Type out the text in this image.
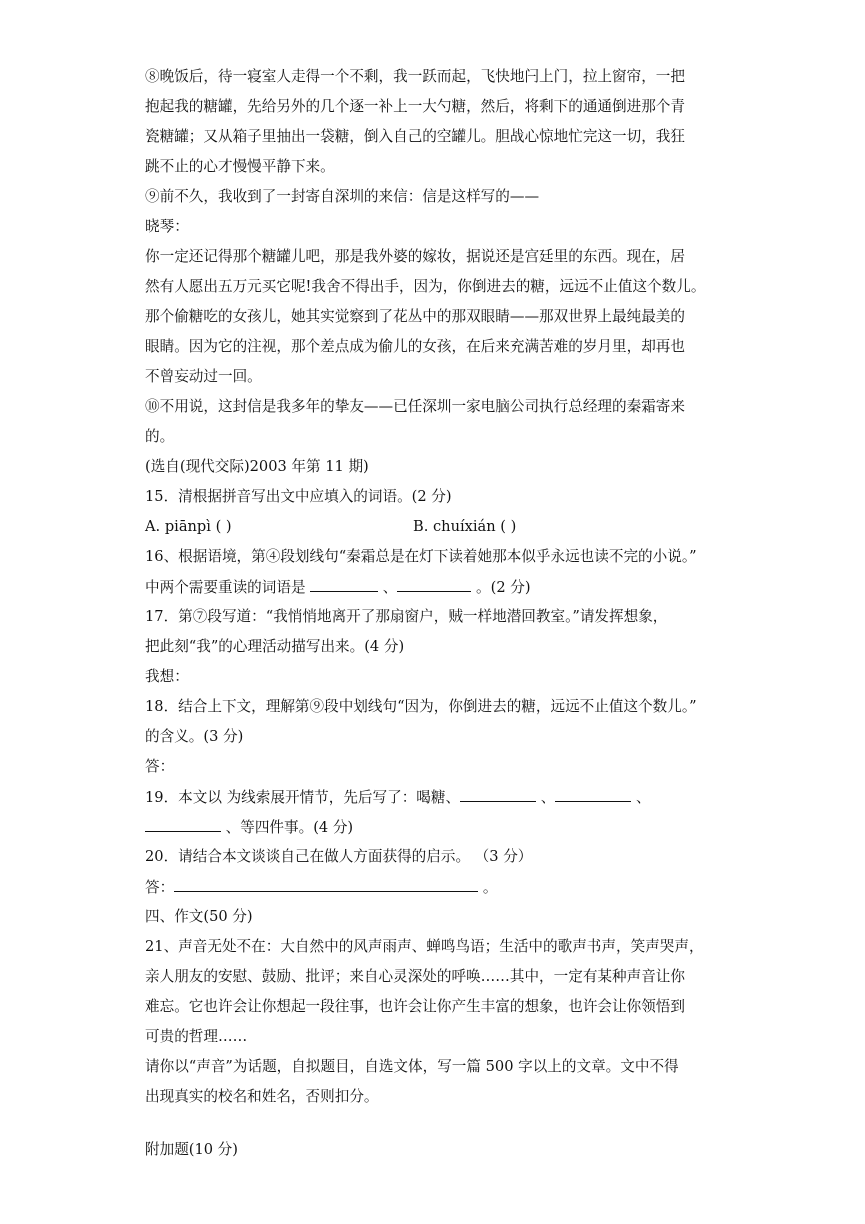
⑧晚饭后，待一寝室人走得一个不剩，我一跃而起，飞快地闩上门，拉上窗帘，一把
抱起我的糖罐，先给另外的几个逐一补上一大勺糖，然后，将剩下的通通倒进那个青
瓷糖罐；又从箱子里抽出一袋糖，倒入自己的空罐儿。胆战心惊地忙完这一切，我狂
跳不止的心才慢慢平静下来。
⑨前不久，我收到了一封寄自深圳的来信：信是这样写的——
晓琴：
你一定还记得那个糖罐儿吧，那是我外婆的嫁妆，据说还是宫廷里的东西。现在，居
然有人愿出五万元买它呢!我舍不得出手，因为，你倒进去的糖，远远不止值这个数儿。
那个偷糖吃的女孩儿，她其实觉察到了花丛中的那双眼睛——那双世界上最纯最美的
眼睛。因为它的注视，那个差点成为偷儿的女孩，在后来充满苦难的岁月里，却再也
不曾妄动过一回。
⑩不用说，这封信是我多年的挚友——已任深圳一家电脑公司执行总经理的秦霜寄来
的。
(选自(现代交际)2003 年第 11 期)
15．清根据拼音写出文中应填入的词语。(2 分)
A. piānpì ( )	B. chuíxián ( )
16、根据语境，第④段划线句“秦霜总是在灯下读着她那本似乎永远也读不完的小说。”
中两个需要重读的词语是	、	。(2 分)
17．第⑦段写道：“我悄悄地离开了那扇窗户，贼一样地潜回教室。”请发挥想象，
把此刻“我”的心理活动描写出来。(4 分)
我想：
18．结合上下文，理解第⑨段中划线句“因为，你倒进去的糖，远远不止值这个数儿。”
的含义。(3 分)
答：
19．本文以 为线索展开情节，先后写了：喝糖、	、	、
、等四件事。(4 分)
20．请结合本文谈谈自己在做人方面获得的启示。 （3 分）
答：	。
四、作文(50 分)
21、声音无处不在：大自然中的风声雨声、蝉鸣鸟语；生活中的歌声书声，笑声哭声，
亲人朋友的安慰、鼓励、批评；来自心灵深处的呼唤……其中，一定有某种声音让你
难忘。它也许会让你想起一段往事，也许会让你产生丰富的想象，也许会让你领悟到
可贵的哲理……
请你以“声音”为话题，自拟题目，自选文体，写一篇 500 字以上的文章。文中不得
出现真实的校名和姓名，否则扣分。
附加题(10 分)
